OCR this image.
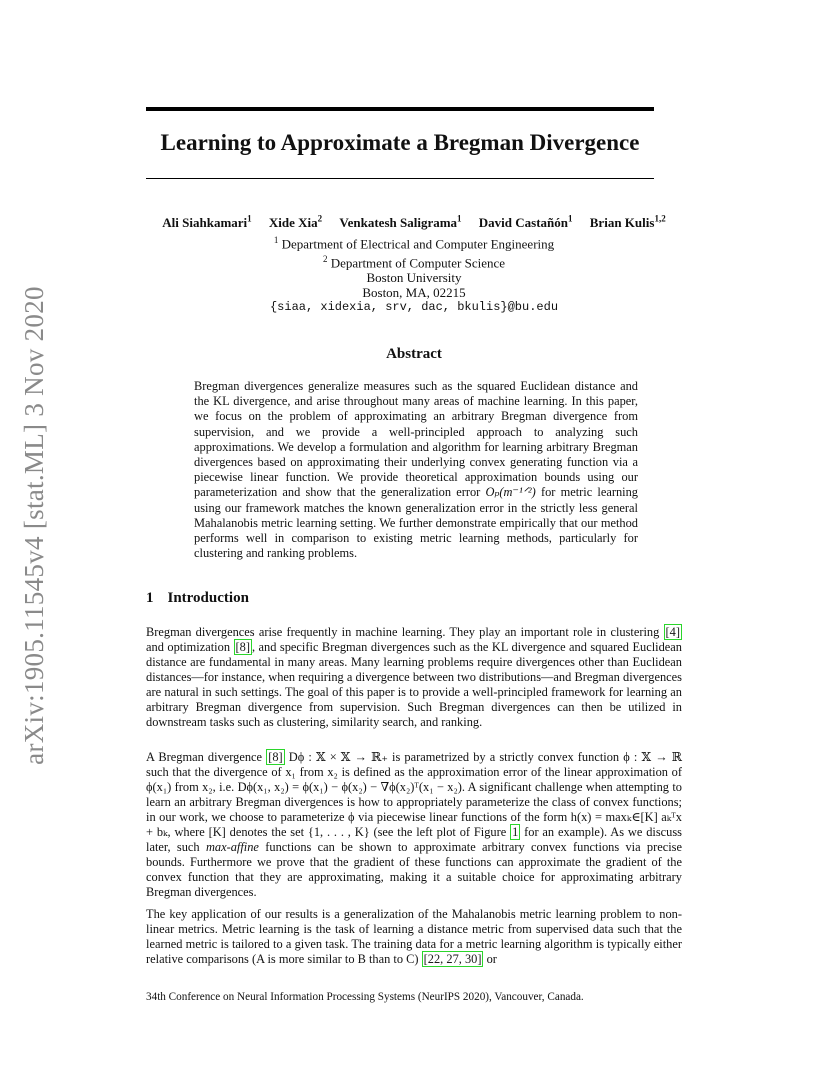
arXiv:1905.11545v4 [stat.ML] 3 Nov 2020
Learning to Approximate a Bregman Divergence
Ali Siahkamari$^1$ Xide Xia$^2$ Venkatesh Saligrama$^1$ David Castañón$^1$ Brian Kulis$^{1,2}$
$^1$ Department of Electrical and Computer Engineering
$^2$ Department of Computer Science
Boston University
Boston, MA, 02215
{siaa, xidexia, srv, dac, bkulis}@bu.edu
Abstract
Bregman divergences generalize measures such as the squared Euclidean distance and the KL divergence, and arise throughout many areas of machine learning. In this paper, we focus on the problem of approximating an arbitrary Bregman divergence from supervision, and we provide a well-principled approach to analyzing such approximations. We develop a formulation and algorithm for learning arbitrary Bregman divergences based on approximating their underlying convex generating function via a piecewise linear function. We provide theoretical approximation bounds using our parameterization and show that the generalization error Oₚ(m⁻¹ᐟ²) for metric learning using our framework matches the known generalization error in the strictly less general Mahalanobis metric learning setting. We further demonstrate empirically that our method performs well in comparison to existing metric learning methods, particularly for clustering and ranking problems.
1 Introduction
Bregman divergences arise frequently in machine learning. They play an important role in clustering [4] and optimization [8] , and specific Bregman divergences such as the KL divergence and squared Euclidean distance are fundamental in many areas. Many learning problems require divergences other than Euclidean distances—for instance, when requiring a divergence between two distributions—and Bregman divergences are natural in such settings. The goal of this paper is to provide a well-principled framework for learning an arbitrary Bregman divergence from supervision. Such Bregman divergences can then be utilized in downstream tasks such as clustering, similarity search, and ranking.
A Bregman divergence [8] Dϕ : 𝕏 × 𝕏 → ℝ₊ is parametrized by a strictly convex function ϕ : 𝕏 → ℝ such that the divergence of x₁ from x₂ is defined as the approximation error of the linear approximation of ϕ(x₁) from x₂, i.e. Dϕ(x₁, x₂) = ϕ(x₁) − ϕ(x₂) − ∇ϕ(x₂)ᵀ(x₁ − x₂). A significant challenge when attempting to learn an arbitrary Bregman divergences is how to appropriately parameterize the class of convex functions; in our work, we choose to parameterize ϕ via piecewise linear functions of the form h(x) = maxₖ∈[K] aₖᵀx + bₖ, where [K] denotes the set {1, . . . , K} (see the left plot of Figure 1 for an example). As we discuss later, such max-affine functions can be shown to approximate arbitrary convex functions via precise bounds. Furthermore we prove that the gradient of these functions can approximate the gradient of the convex function that they are approximating, making it a suitable choice for approximating arbitrary Bregman divergences.
The key application of our results is a generalization of the Mahalanobis metric learning problem to non-linear metrics. Metric learning is the task of learning a distance metric from supervised data such that the learned metric is tailored to a given task. The training data for a metric learning algorithm is typically either relative comparisons (A is more similar to B than to C) [22, 27, 30] or
34th Conference on Neural Information Processing Systems (NeurIPS 2020), Vancouver, Canada.
